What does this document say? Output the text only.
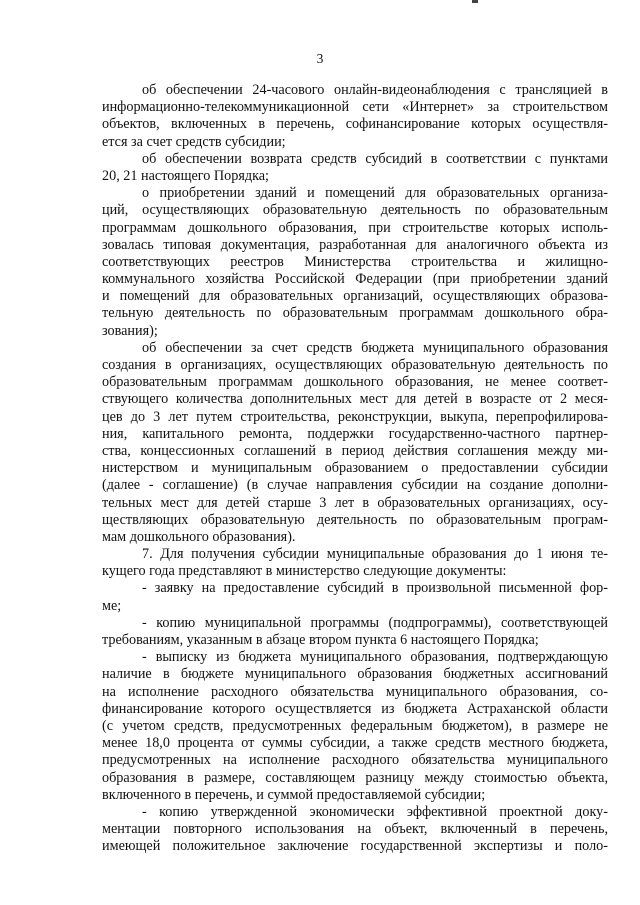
3
об обеспечении 24-часового онлайн-видеонаблюдения с трансляцией в
информационно-телекоммуникационной сети «Интернет» за строительством
объектов, включенных в перечень, софинансирование которых осуществля-
ется за счет средств субсидии;
об обеспечении возврата средств субсидий в соответствии с пунктами
20, 21 настоящего Порядка;
о приобретении зданий и помещений для образовательных организа-
ций, осуществляющих образовательную деятельность по образовательным
программам дошкольного образования, при строительстве которых исполь-
зовалась типовая документация, разработанная для аналогичного объекта из
соответствующих реестров Министерства строительства и жилищно-
коммунального хозяйства Российской Федерации (при приобретении зданий
и помещений для образовательных организаций, осуществляющих образова-
тельную деятельность по образовательным программам дошкольного обра-
зования);
об обеспечении за счет средств бюджета муниципального образования
создания в организациях, осуществляющих образовательную деятельность по
образовательным программам дошкольного образования, не менее соответ-
ствующего количества дополнительных мест для детей в возрасте от 2 меся-
цев до 3 лет путем строительства, реконструкции, выкупа, перепрофилирова-
ния, капитального ремонта, поддержки государственно-частного партнер-
ства, концессионных соглашений в период действия соглашения между ми-
нистерством и муниципальным образованием о предоставлении субсидии
(далее - соглашение) (в случае направления субсидии на создание дополни-
тельных мест для детей старше 3 лет в образовательных организациях, осу-
ществляющих образовательную деятельность по образовательным програм-
мам дошкольного образования).
7. Для получения субсидии муниципальные образования до 1 июня те-
кущего года представляют в министерство следующие документы:
- заявку на предоставление субсидий в произвольной письменной фор-
ме;
- копию муниципальной программы (подпрограммы), соответствующей
требованиям, указанным в абзаце втором пункта 6 настоящего Порядка;
- выписку из бюджета муниципального образования, подтверждающую
наличие в бюджете муниципального образования бюджетных ассигнований
на исполнение расходного обязательства муниципального образования, со-
финансирование которого осуществляется из бюджета Астраханской области
(с учетом средств, предусмотренных федеральным бюджетом), в размере не
менее 18,0 процента от суммы субсидии, а также средств местного бюджета,
предусмотренных на исполнение расходного обязательства муниципального
образования в размере, составляющем разницу между стоимостью объекта,
включенного в перечень, и суммой предоставляемой субсидии;
- копию утвержденной экономически эффективной проектной доку-
ментации повторного использования на объект, включенный в перечень,
имеющей положительное заключение государственной экспертизы и поло-
